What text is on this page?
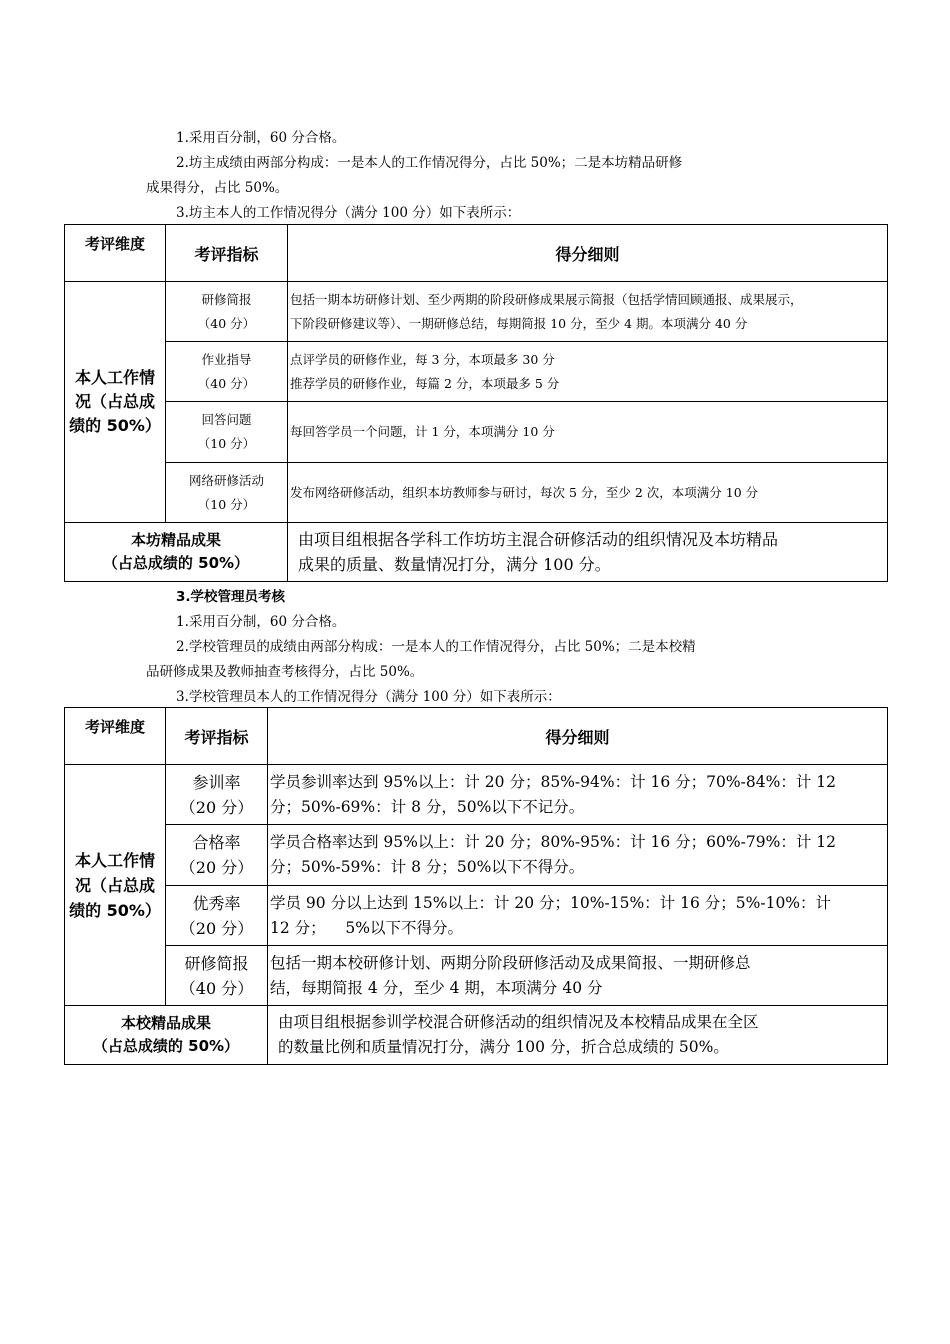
1.采用百分制，60 分合格。
2.坊主成绩由两部分构成：一是本人的工作情况得分，占比 50%；二是本坊精品研修
成果得分，占比 50%。
3.坊主本人的工作情况得分（满分 100 分）如下表所示：
考评维度	考评指标	得分细则

本人工作情
况（占总成
绩的 50%）	研修简报
（40 分）	包括一期本坊研修计划、至少两期的阶段研修成果展示简报（包括学情回顾通报、成果展示，
下阶段研修建议等）、一期研修总结，每期简报 10 分，至少 4 期。本项满分 40 分

	作业指导
（40 分）	点评学员的研修作业，每 3 分，本项最多 30 分
推荐学员的研修作业，每篇 2 分，本项最多 5 分

	回答问题
（10 分）	每回答学员一个问题，计 1 分，本项满分 10 分

	网络研修活动
（10 分）	发布网络研修活动，组织本坊教师参与研讨，每次 5 分，至少 2 次，本项满分 10 分

本坊精品成果
（占总成绩的 50%）		由项目组根据各学科工作坊坊主混合研修活动的组织情况及本坊精品
成果的质量、数量情况打分，满分 100 分。
3.学校管理员考核
1.采用百分制，60 分合格。
2.学校管理员的成绩由两部分构成：一是本人的工作情况得分，占比 50%；二是本校精
品研修成果及教师抽查考核得分，占比 50%。
3.学校管理员本人的工作情况得分（满分 100 分）如下表所示：
考评维度	考评指标	得分细则

本人工作情
况（占总成
绩的 50%）	参训率
（20 分）	学员参训率达到 95%以上：计 20 分；85%-94%：计 16 分；70%-84%：计 12
分；50%-69%：计 8 分，50%以下不记分。

	合格率
（20 分）	学员合格率达到 95%以上：计 20 分；80%-95%：计 16 分；60%-79%：计 12
分；50%-59%：计 8 分；50%以下不得分。

	优秀率
（20 分）	学员 90 分以上达到 15%以上：计 20 分；10%-15%：计 16 分；5%-10%：计
12 分；    5%以下不得分。

	研修简报
（40 分）	包括一期本校研修计划、两期分阶段研修活动及成果简报、一期研修总
结，每期简报 4 分，至少 4 期，本项满分 40 分

本校精品成果
（占总成绩的 50%）		由项目组根据参训学校混合研修活动的组织情况及本校精品成果在全区
的数量比例和质量情况打分，满分 100 分，折合总成绩的 50%。
